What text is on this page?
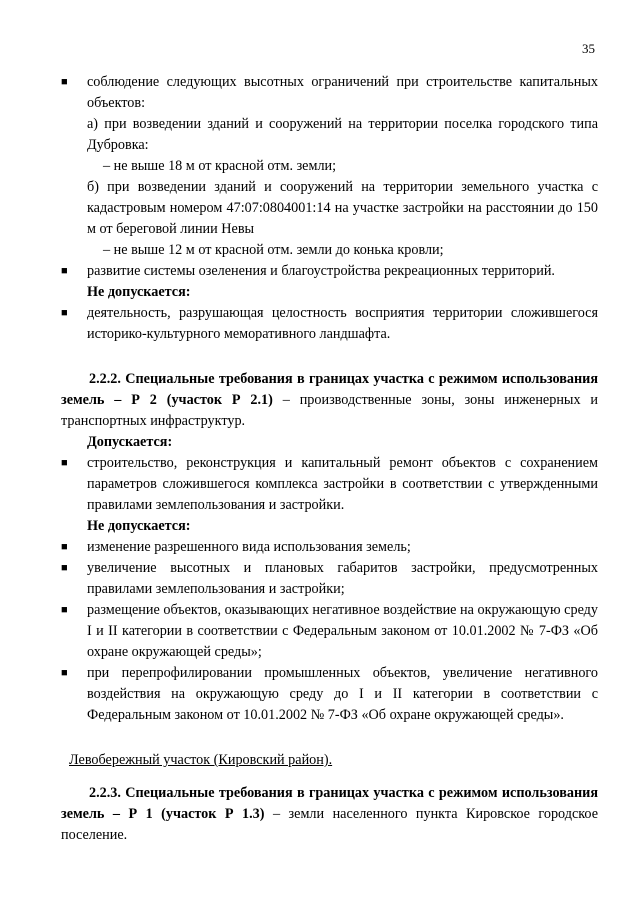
35
■	соблюдение следующих высотных ограничений при строительстве капитальных объектов:

а) при возведении зданий и сооружений на территории поселка городского типа Дубровка:

– не выше 18 м от красной отм. земли;

б) при возведении зданий и сооружений на территории земельного участка с кадастровым номером 47:07:0804001:14 на участке застройки на расстоянии до 150 м от береговой линии Невы

– не выше 12 м от красной отм. земли до конька кровли;

■	развитие системы озеленения и благоустройства рекреационных территорий.

Не допускается:

■	деятельность, разрушающая целостность восприятия территории сложившегося историко-культурного меморативного ландшафта.

2.2.2. Специальные требования в границах участка с режимом использования земель – Р 2 (участок Р 2.1) – производственные зоны, зоны инженерных и транспортных инфраструктур.

Допускается:

■	строительство, реконструкция и капитальный ремонт объектов с сохранением параметров сложившегося комплекса застройки в соответствии с утвержденными правилами землепользования и застройки.

Не допускается:

■	изменение разрешенного вида использования земель;
■	увеличение высотных и плановых габаритов застройки, предусмотренных правилами землепользования и застройки;
■	размещение объектов, оказывающих негативное воздействие на окружающую среду I и II категории в соответствии с Федеральным законом от 10.01.2002 № 7-ФЗ «Об охране окружающей среды»;
■	при перепрофилировании промышленных объектов, увеличение негативного воздействия на окружающую среду до I и II категории в соответствии с Федеральным законом от 10.01.2002 № 7-ФЗ «Об охране окружающей среды».

Левобережный участок (Кировский район).

2.2.3. Специальные требования в границах участка с режимом использования земель – Р 1 (участок Р 1.3) – земли населенного пункта Кировское городское поселение.
